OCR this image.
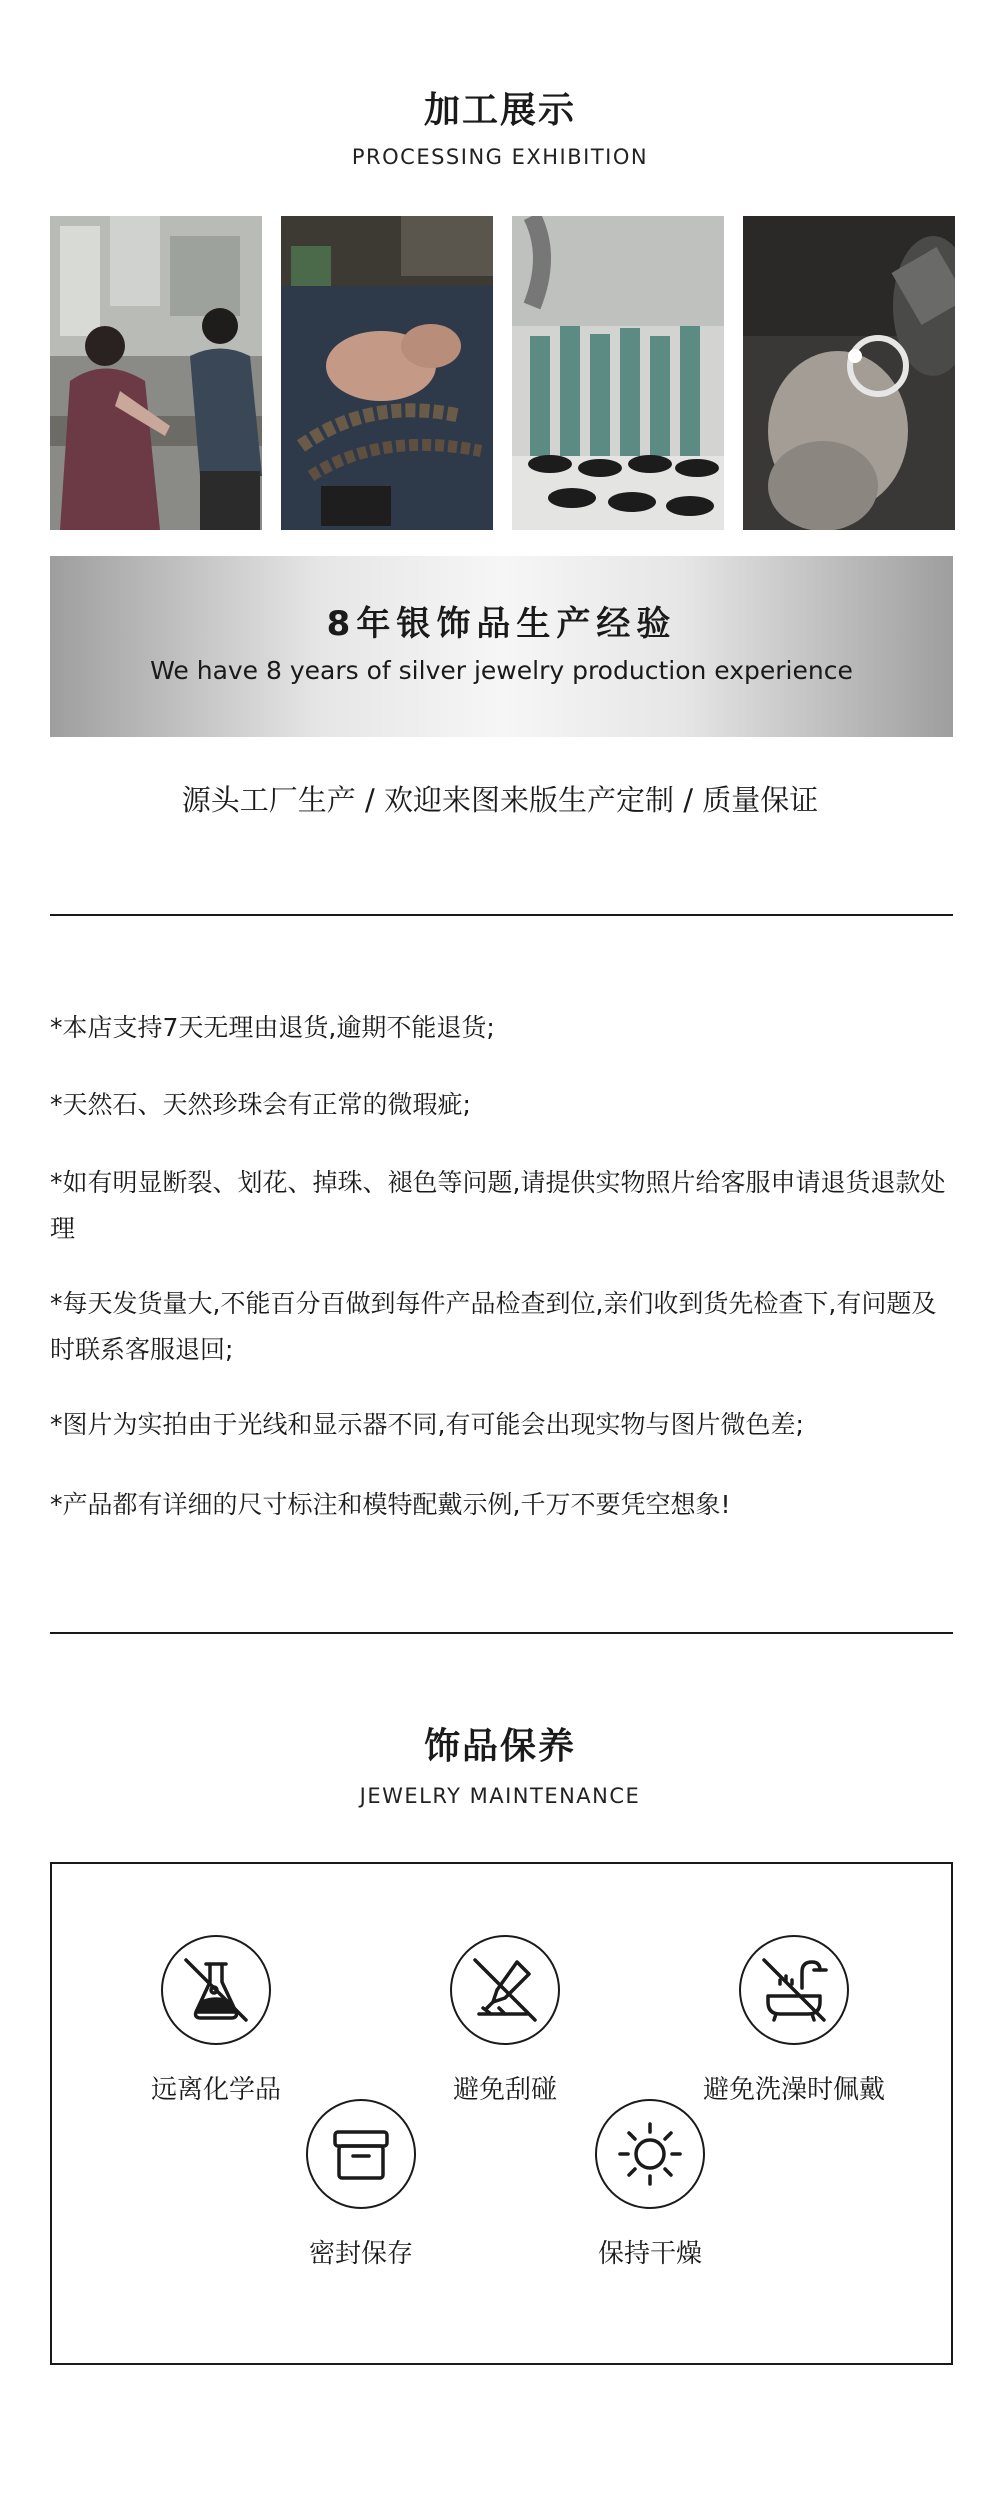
加工展示
PROCESSING EXHIBITION
8年银饰品生产经验
We have 8 years of silver jewelry production experience
源头工厂生产 / 欢迎来图来版生产定制 / 质量保证
*本店支持7天无理由退货,逾期不能退货;
*天然石、天然珍珠会有正常的微瑕疵;
*如有明显断裂、划花、掉珠、褪色等问题,请提供实物照片给客服申请退货退款处理
*每天发货量大,不能百分百做到每件产品检查到位,亲们收到货先检查下,有问题及时联系客服退回;
*图片为实拍由于光线和显示器不同,有可能会出现实物与图片微色差;
*产品都有详细的尺寸标注和模特配戴示例,千万不要凭空想象!
饰品保养
JEWELRY MAINTENANCE
远离化学品	避免刮碰	避免洗澡时佩戴
密封保存	保持干燥
